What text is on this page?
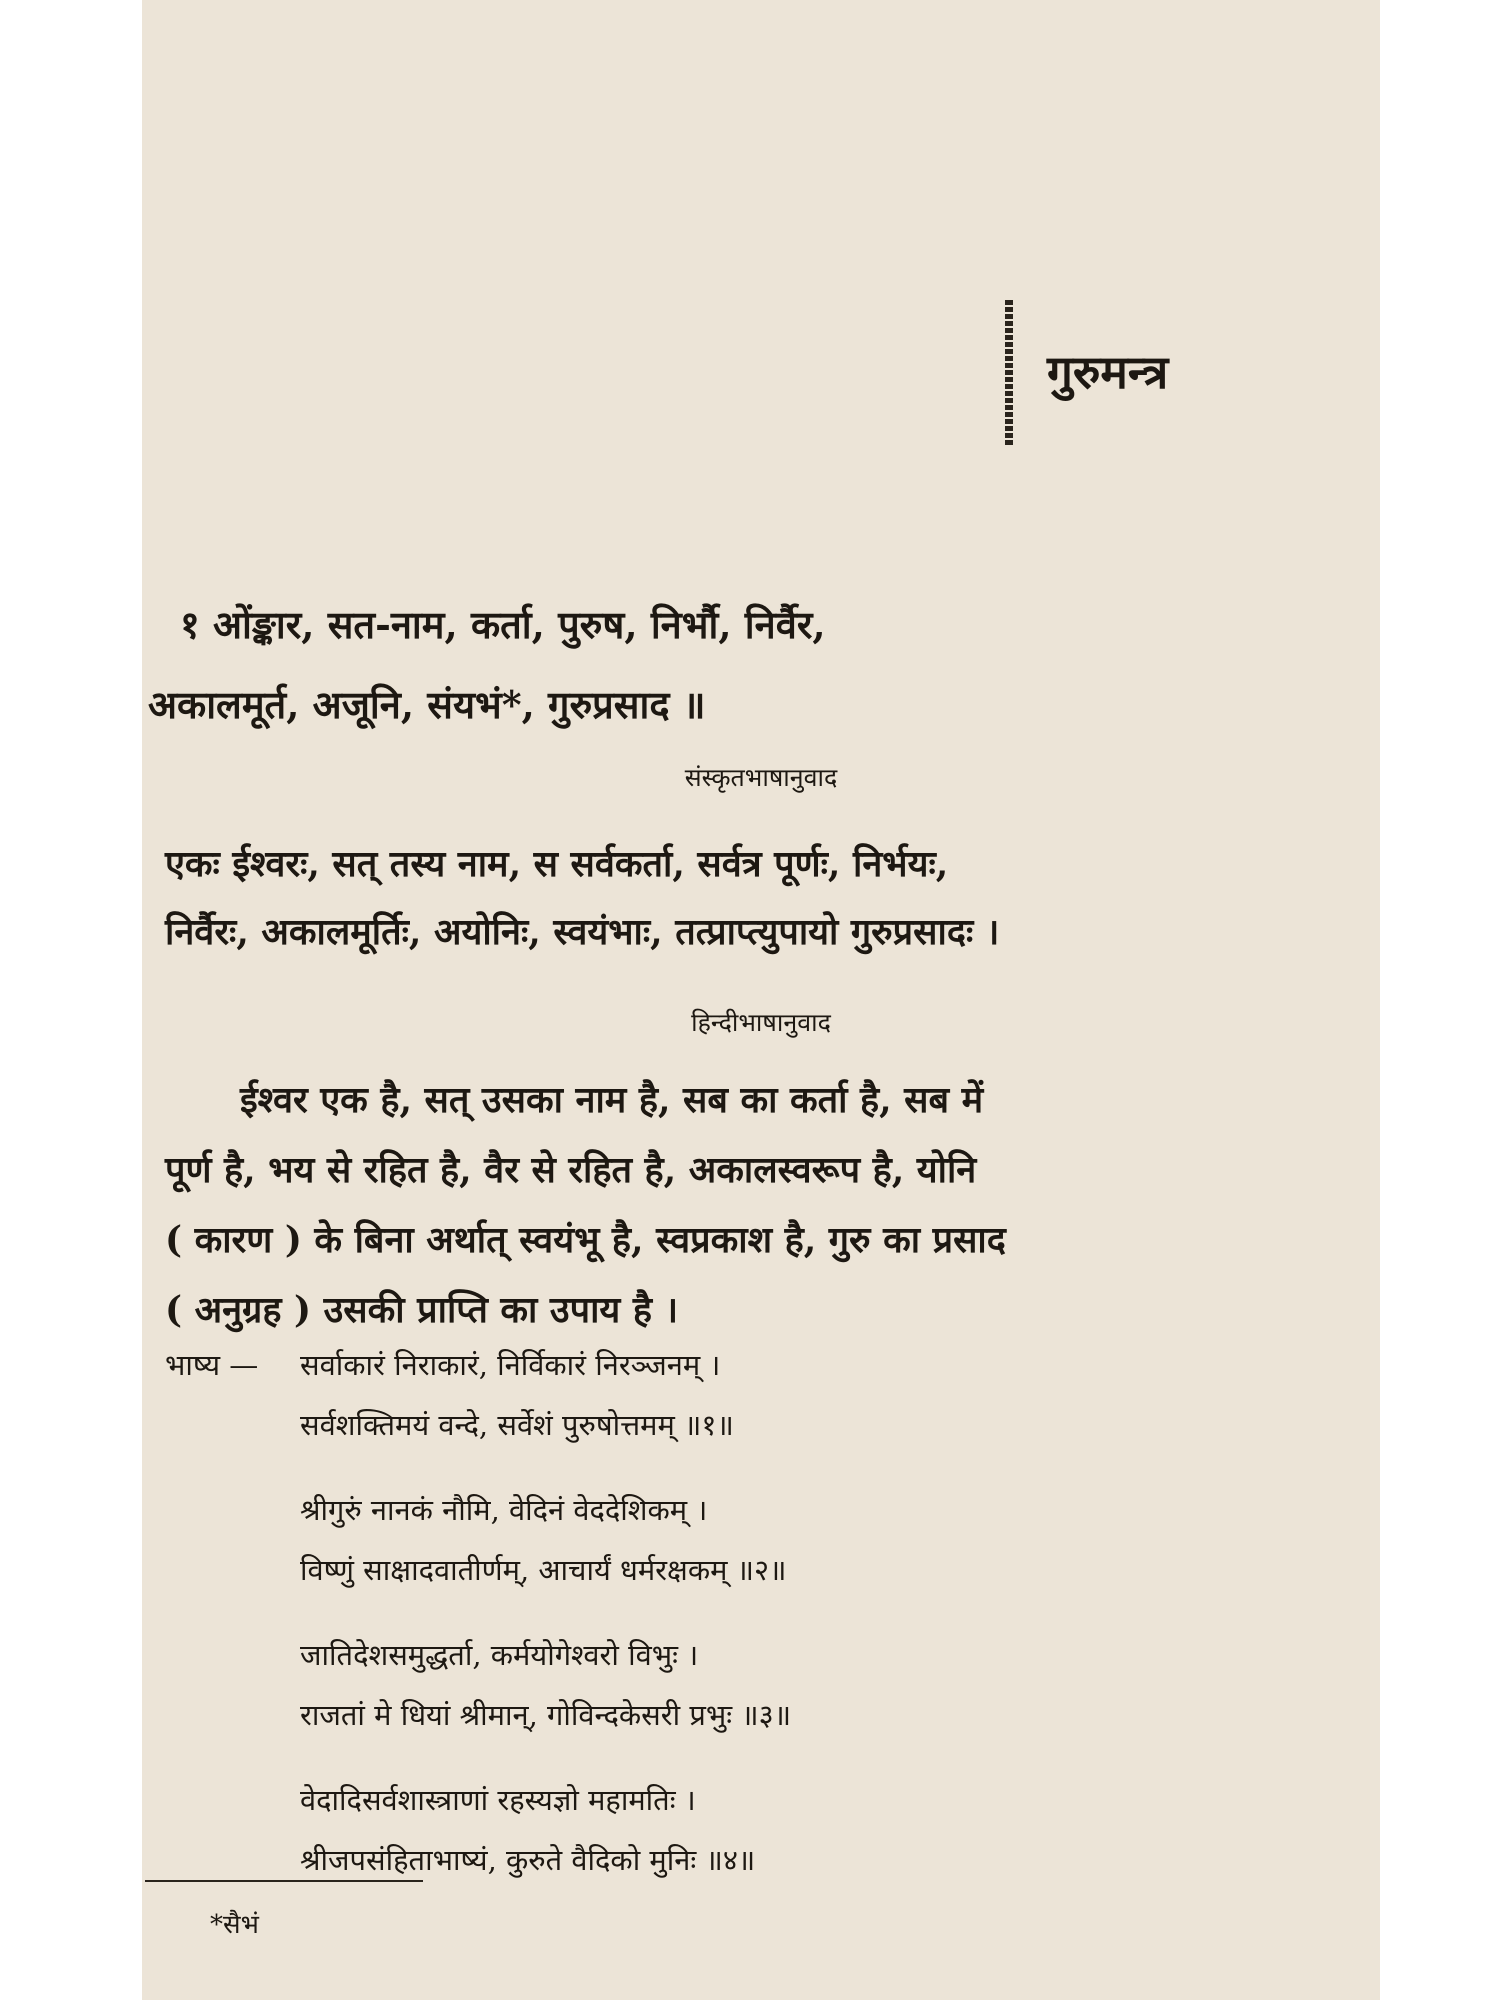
गुरुमन्त्र
१ ओंङ्कार, सत-नाम, कर्ता, पुरुष, निर्भौ, निर्वैर,
अकालमूर्त, अजूनि, संयभं*, गुरुप्रसाद ॥
संस्कृतभाषानुवाद
एकः ईश्वरः, सत् तस्य नाम, स सर्वकर्ता, सर्वत्र पूर्णः, निर्भयः,
निर्वैरः, अकालमूर्तिः, अयोनिः, स्वयंभाः, तत्प्राप्त्युपायो गुरुप्रसादः ।
हिन्दीभाषानुवाद
ईश्वर एक है, सत् उसका नाम है, सब का कर्ता है, सब में
पूर्ण है, भय से रहित है, वैर से रहित है, अकालस्वरूप है, योनि
( कारण ) के बिना अर्थात् स्वयंभू है, स्वप्रकाश है, गुरु का प्रसाद
( अनुग्रह ) उसकी प्राप्ति का उपाय है ।
भाष्य — सर्वाकारं निराकारं, निर्विकारं निरञ्जनम् ।
सर्वशक्तिमयं वन्दे, सर्वेशं पुरुषोत्तमम् ॥१॥
श्रीगुरुं नानकं नौमि, वेदिनं वेददेशिकम् ।
विष्णुं साक्षादवातीर्णम्, आचार्यं धर्मरक्षकम् ॥२॥
जातिदेशसमुद्धर्ता, कर्मयोगेश्वरो विभुः ।
राजतां मे धियां श्रीमान्, गोविन्दकेसरी प्रभुः ॥३॥
वेदादिसर्वशास्त्राणां रहस्यज्ञो महामतिः ।
श्रीजपसंहिताभाष्यं, कुरुते वैदिको मुनिः ॥४॥
*सैभं
